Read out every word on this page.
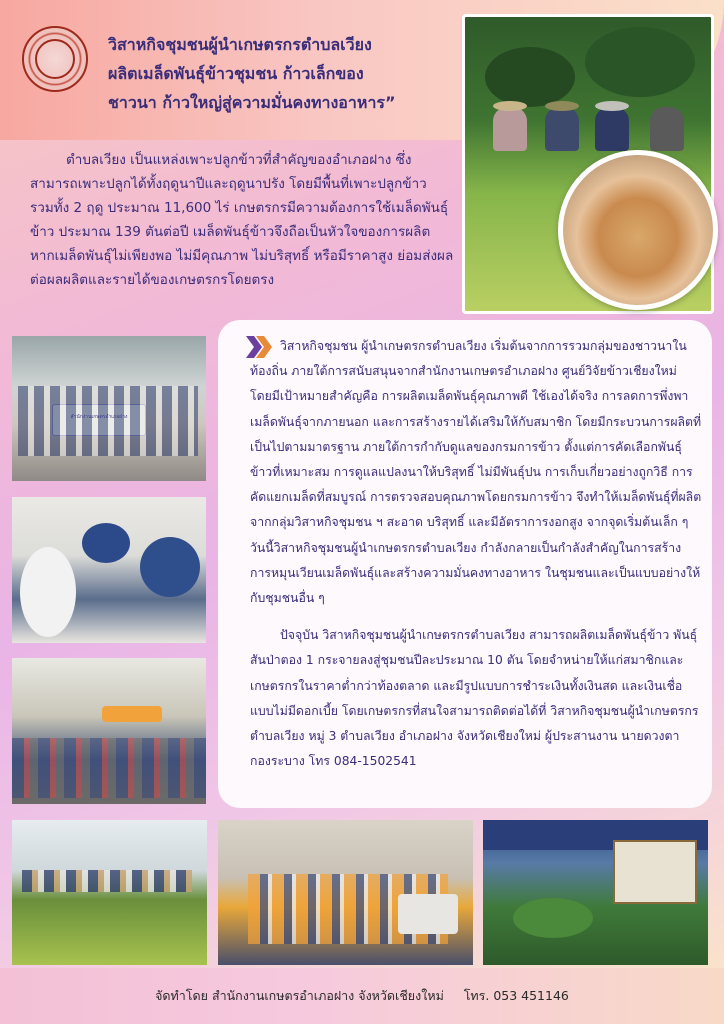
วิสาหกิจชุมชนผู้นำเกษตรกรตำบลเวียง
ผลิตเมล็ดพันธุ์ข้าวชุมชน ก้าวเล็กของ
ชาวนา ก้าวใหญ่สู่ความมั่นคงทางอาหาร”
ตำบลเวียง เป็นแหล่งเพาะปลูกข้าวที่สำคัญของอำเภอฝาง ซึ่งสามารถเพาะปลูกได้ทั้งฤดูนาปีและฤดูนาปรัง โดยมีพื้นที่เพาะปลูกข้าว รวมทั้ง 2 ฤดู ประมาณ 11,600 ไร่ เกษตรกรมีความต้องการใช้เมล็ดพันธุ์ข้าว ประมาณ 139 ตันต่อปี เมล็ดพันธุ์ข้าวจึงถือเป็นหัวใจของการผลิต หากเมล็ดพันธุ์ไม่เพียงพอ ไม่มีคุณภาพ ไม่บริสุทธิ์ หรือมีราคาสูง ย่อมส่งผลต่อผลผลิตและรายได้ของเกษตรกรโดยตรง

วิสาหกิจชุมชน ผู้นำเกษตรกรตำบลเวียง เริ่มต้นจากการรวมกลุ่มของชาวนาในท้องถิ่น ภายใต้การสนับสนุนจากสำนักงานเกษตรอำเภอฝาง ศูนย์วิจัยข้าวเชียงใหม่ โดยมีเป้าหมายสำคัญคือ การผลิตเมล็ดพันธุ์คุณภาพดี ใช้เองได้จริง การลดการพึ่งพาเมล็ดพันธุ์จากภายนอก และการสร้างรายได้เสริมให้กับสมาชิก โดยมีกระบวนการผลิตที่เป็นไปตามมาตรฐาน ภายใต้การกำกับดูแลของกรมการข้าว ตั้งแต่การคัดเลือกพันธุ์ข้าวที่เหมาะสม การดูแลแปลงนาให้บริสุทธิ์ ไม่มีพันธุ์ปน การเก็บเกี่ยวอย่างถูกวิธี การคัดแยกเมล็ดที่สมบูรณ์ การตรวจสอบคุณภาพโดยกรมการข้าว จึงทำให้เมล็ดพันธุ์ที่ผลิตจากกลุ่มวิสาหกิจชุมชน ฯ สะอาด บริสุทธิ์ และมีอัตราการงอกสูง จากจุดเริ่มต้นเล็ก ๆ วันนี้วิสาหกิจชุมชนผู้นำเกษตรกรตำบลเวียง กำลังกลายเป็นกำลังสำคัญในการสร้าง การหมุนเวียนเมล็ดพันธุ์และสร้างความมั่นคงทางอาหาร ในชุมชนและเป็นแบบอย่างให้กับชุมชนอื่น ๆ

ปัจจุบัน วิสาหกิจชุมชนผู้นำเกษตรกรตำบลเวียง สามารถผลิตเมล็ดพันธุ์ข้าว พันธุ์สันป่าตอง 1 กระจายลงสู่ชุมชนปีละประมาณ 10 ตัน โดยจำหน่ายให้แก่สมาชิกและเกษตรกรในราคาต่ำกว่าท้องตลาด และมีรูปแบบการชำระเงินทั้งเงินสด และเงินเชื่อแบบไม่มีดอกเบี้ย โดยเกษตรกรที่สนใจสามารถติดต่อได้ที่ วิสาหกิจชุมชนผู้นำเกษตรกรตำบลเวียง หมู่ 3 ตำบลเวียง อำเภอฝาง จังหวัดเชียงใหม่ ผู้ประสานงาน นายดวงตา กองระบาง โทร 084-1502541

จัดทำโดย สำนักงานเกษตรอำเภอฝาง จังหวัดเชียงใหม่ โทร. 053 451146
สำนักงานเกษตรอำเภอฝาง
